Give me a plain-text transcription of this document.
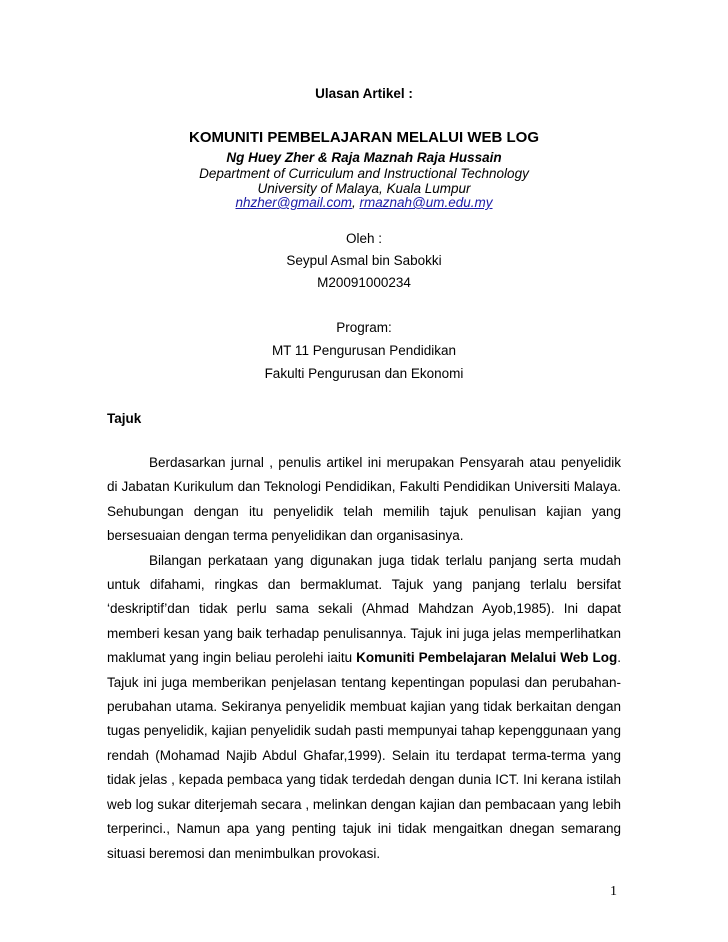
Ulasan Artikel :
KOMUNITI PEMBELAJARAN MELALUI WEB LOG
Ng Huey Zher & Raja Maznah Raja Hussain
Department of Curriculum and Instructional Technology
University of Malaya, Kuala Lumpur
nhzher@gmail.com, rmaznah@um.edu.my
Oleh :
Seypul Asmal bin Sabokki
M20091000234
Program:
MT 11 Pengurusan Pendidikan
Fakulti Pengurusan dan Ekonomi
Tajuk

Berdasarkan jurnal , penulis artikel ini merupakan Pensyarah atau penyelidik di Jabatan Kurikulum dan Teknologi Pendidikan, Fakulti Pendidikan Universiti Malaya. Sehubungan dengan itu penyelidik telah memilih tajuk penulisan kajian yang bersesuaian dengan terma penyelidikan dan organisasinya.

Bilangan perkataan yang digunakan juga tidak terlalu panjang serta mudah untuk difahami, ringkas dan bermaklumat. Tajuk yang panjang terlalu bersifat ‘deskriptif’dan tidak perlu sama sekali (Ahmad Mahdzan Ayob,1985). Ini dapat memberi kesan yang baik terhadap penulisannya. Tajuk ini juga jelas memperlihatkan maklumat yang ingin beliau perolehi iaitu Komuniti Pembelajaran Melalui Web Log. Tajuk ini juga memberikan penjelasan tentang kepentingan populasi dan perubahan-perubahan utama. Sekiranya penyelidik membuat kajian yang tidak berkaitan dengan tugas penyelidik, kajian penyelidik sudah pasti mempunyai tahap kepenggunaan yang rendah (Mohamad Najib Abdul Ghafar,1999). Selain itu terdapat terma-terma yang tidak jelas , kepada pembaca yang tidak terdedah dengan dunia ICT. Ini kerana istilah web log sukar diterjemah secara , melinkan dengan kajian dan pembacaan yang lebih terperinci., Namun apa yang penting tajuk ini tidak mengaitkan dnegan semarang situasi beremosi dan menimbulkan provokasi.

1
